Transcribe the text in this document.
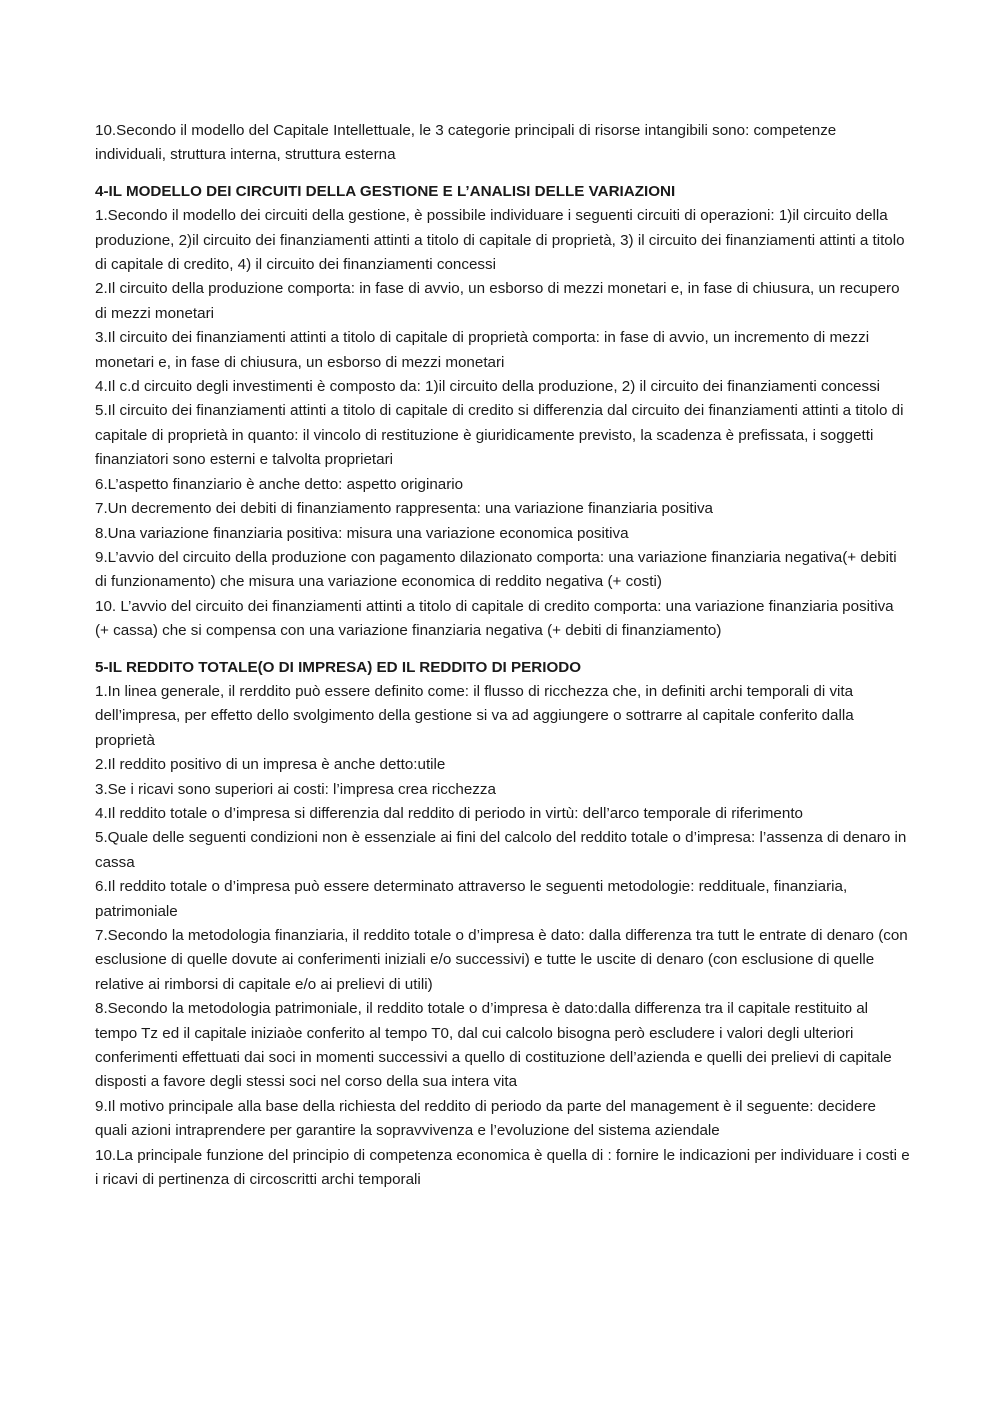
10.Secondo il modello del Capitale Intellettuale, le 3 categorie principali di risorse intangibili sono: competenze individuali, struttura interna, struttura esterna

4-IL MODELLO DEI CIRCUITI DELLA GESTIONE E L’ANALISI DELLE VARIAZIONI

1.Secondo il modello dei circuiti della gestione, è possibile individuare i seguenti circuiti di operazioni: 1)il circuito della produzione, 2)il circuito dei finanziamenti attinti a titolo di capitale di proprietà, 3) il circuito dei finanziamenti attinti a titolo di capitale di credito, 4) il circuito dei finanziamenti concessi

2.Il circuito della produzione comporta: in fase di avvio, un esborso di mezzi monetari e, in fase di chiusura, un recupero di mezzi monetari

3.Il circuito dei finanziamenti attinti a titolo di capitale di proprietà comporta: in fase di avvio, un incremento di mezzi monetari e, in fase di chiusura, un esborso di mezzi monetari

4.Il c.d circuito degli investimenti è composto da: 1)il circuito della produzione, 2) il circuito dei finanziamenti concessi

5.Il circuito dei finanziamenti attinti a titolo di capitale di credito si differenzia dal circuito dei finanziamenti attinti a titolo di capitale di proprietà in quanto: il vincolo di restituzione è giuridicamente previsto, la scadenza è prefissata, i soggetti finanziatori sono esterni e talvolta proprietari

6.L’aspetto finanziario è anche detto: aspetto originario

7.Un decremento dei debiti di finanziamento rappresenta: una variazione finanziaria positiva

8.Una variazione finanziaria positiva: misura una variazione economica positiva

9.L’avvio del circuito della produzione con pagamento dilazionato comporta: una variazione finanziaria negativa(+ debiti di funzionamento) che misura una variazione economica di reddito negativa (+ costi)

10. L’avvio del circuito dei finanziamenti attinti a titolo di capitale di credito comporta: una variazione finanziaria positiva (+ cassa) che si compensa con una variazione finanziaria negativa (+ debiti di finanziamento)

5-IL REDDITO TOTALE(O DI IMPRESA) ED IL REDDITO DI PERIODO

1.In linea generale, il rerddito può essere definito come: il flusso di ricchezza che, in definiti archi temporali di vita dell’impresa, per effetto dello svolgimento della gestione si va ad aggiungere o sottrarre al capitale conferito dalla proprietà

2.Il reddito positivo di un impresa è anche detto:utile

3.Se i ricavi sono superiori ai costi: l’impresa crea ricchezza

4.Il reddito totale o d’impresa si differenzia dal reddito di periodo in virtù: dell’arco temporale di riferimento

5.Quale delle seguenti condizioni non è essenziale ai fini del calcolo del reddito totale o d’impresa: l’assenza di denaro in cassa

6.Il reddito totale o d’impresa può essere determinato attraverso le seguenti metodologie: reddituale, finanziaria, patrimoniale

7.Secondo la metodologia finanziaria, il reddito totale o d’impresa è dato: dalla differenza tra tutt le entrate di denaro (con esclusione di quelle dovute ai conferimenti iniziali e/o successivi) e tutte le uscite di denaro (con esclusione di quelle relative ai rimborsi di capitale e/o ai prelievi di utili)

8.Secondo la metodologia patrimoniale, il reddito totale o d’impresa è dato:dalla differenza tra il capitale restituito al tempo Tz ed il capitale iniziaòe conferito al tempo T0, dal cui calcolo bisogna però escludere i valori degli ulteriori conferimenti effettuati dai soci in momenti successivi a quello di costituzione dell’azienda e quelli dei prelievi di capitale disposti a favore degli stessi soci nel corso della sua intera vita

9.Il motivo principale alla base della richiesta del reddito di periodo da parte del management è il seguente: decidere quali azioni intraprendere per garantire la sopravvivenza e l’evoluzione del sistema aziendale

10.La principale funzione del principio di competenza economica è quella di : fornire le indicazioni per individuare i costi e i ricavi di pertinenza di circoscritti archi temporali
